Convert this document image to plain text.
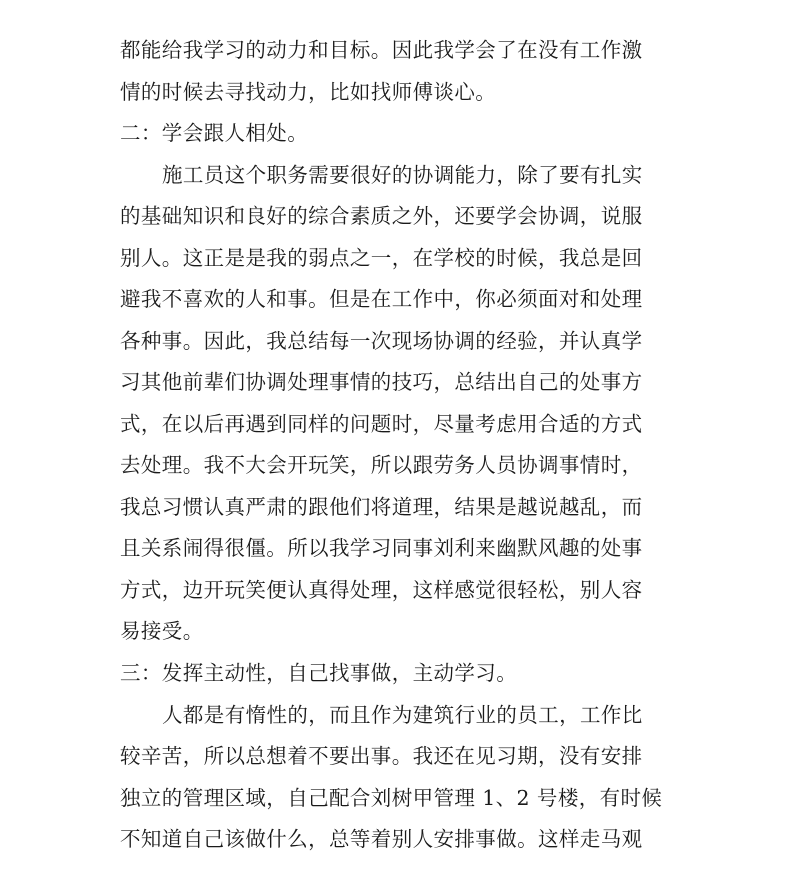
都能给我学习的动力和目标。因此我学会了在没有工作激
情的时候去寻找动力，比如找师傅谈心。
二：学会跟人相处。
施工员这个职务需要很好的协调能力，除了要有扎实
的基础知识和良好的综合素质之外，还要学会协调，说服
别人。这正是是我的弱点之一，在学校的时候，我总是回
避我不喜欢的人和事。但是在工作中，你必须面对和处理
各种事。因此，我总结每一次现场协调的经验，并认真学
习其他前辈们协调处理事情的技巧，总结出自己的处事方
式，在以后再遇到同样的问题时，尽量考虑用合适的方式
去处理。我不大会开玩笑，所以跟劳务人员协调事情时，
我总习惯认真严肃的跟他们将道理，结果是越说越乱，而
且关系闹得很僵。所以我学习同事刘利来幽默风趣的处事
方式，边开玩笑便认真得处理，这样感觉很轻松，别人容
易接受。
三：发挥主动性，自己找事做，主动学习。
人都是有惰性的，而且作为建筑行业的员工，工作比
较辛苦，所以总想着不要出事。我还在见习期，没有安排
独立的管理区域，自己配合刘树甲管理 1、2 号楼，有时候
不知道自己该做什么，总等着别人安排事做。这样走马观
